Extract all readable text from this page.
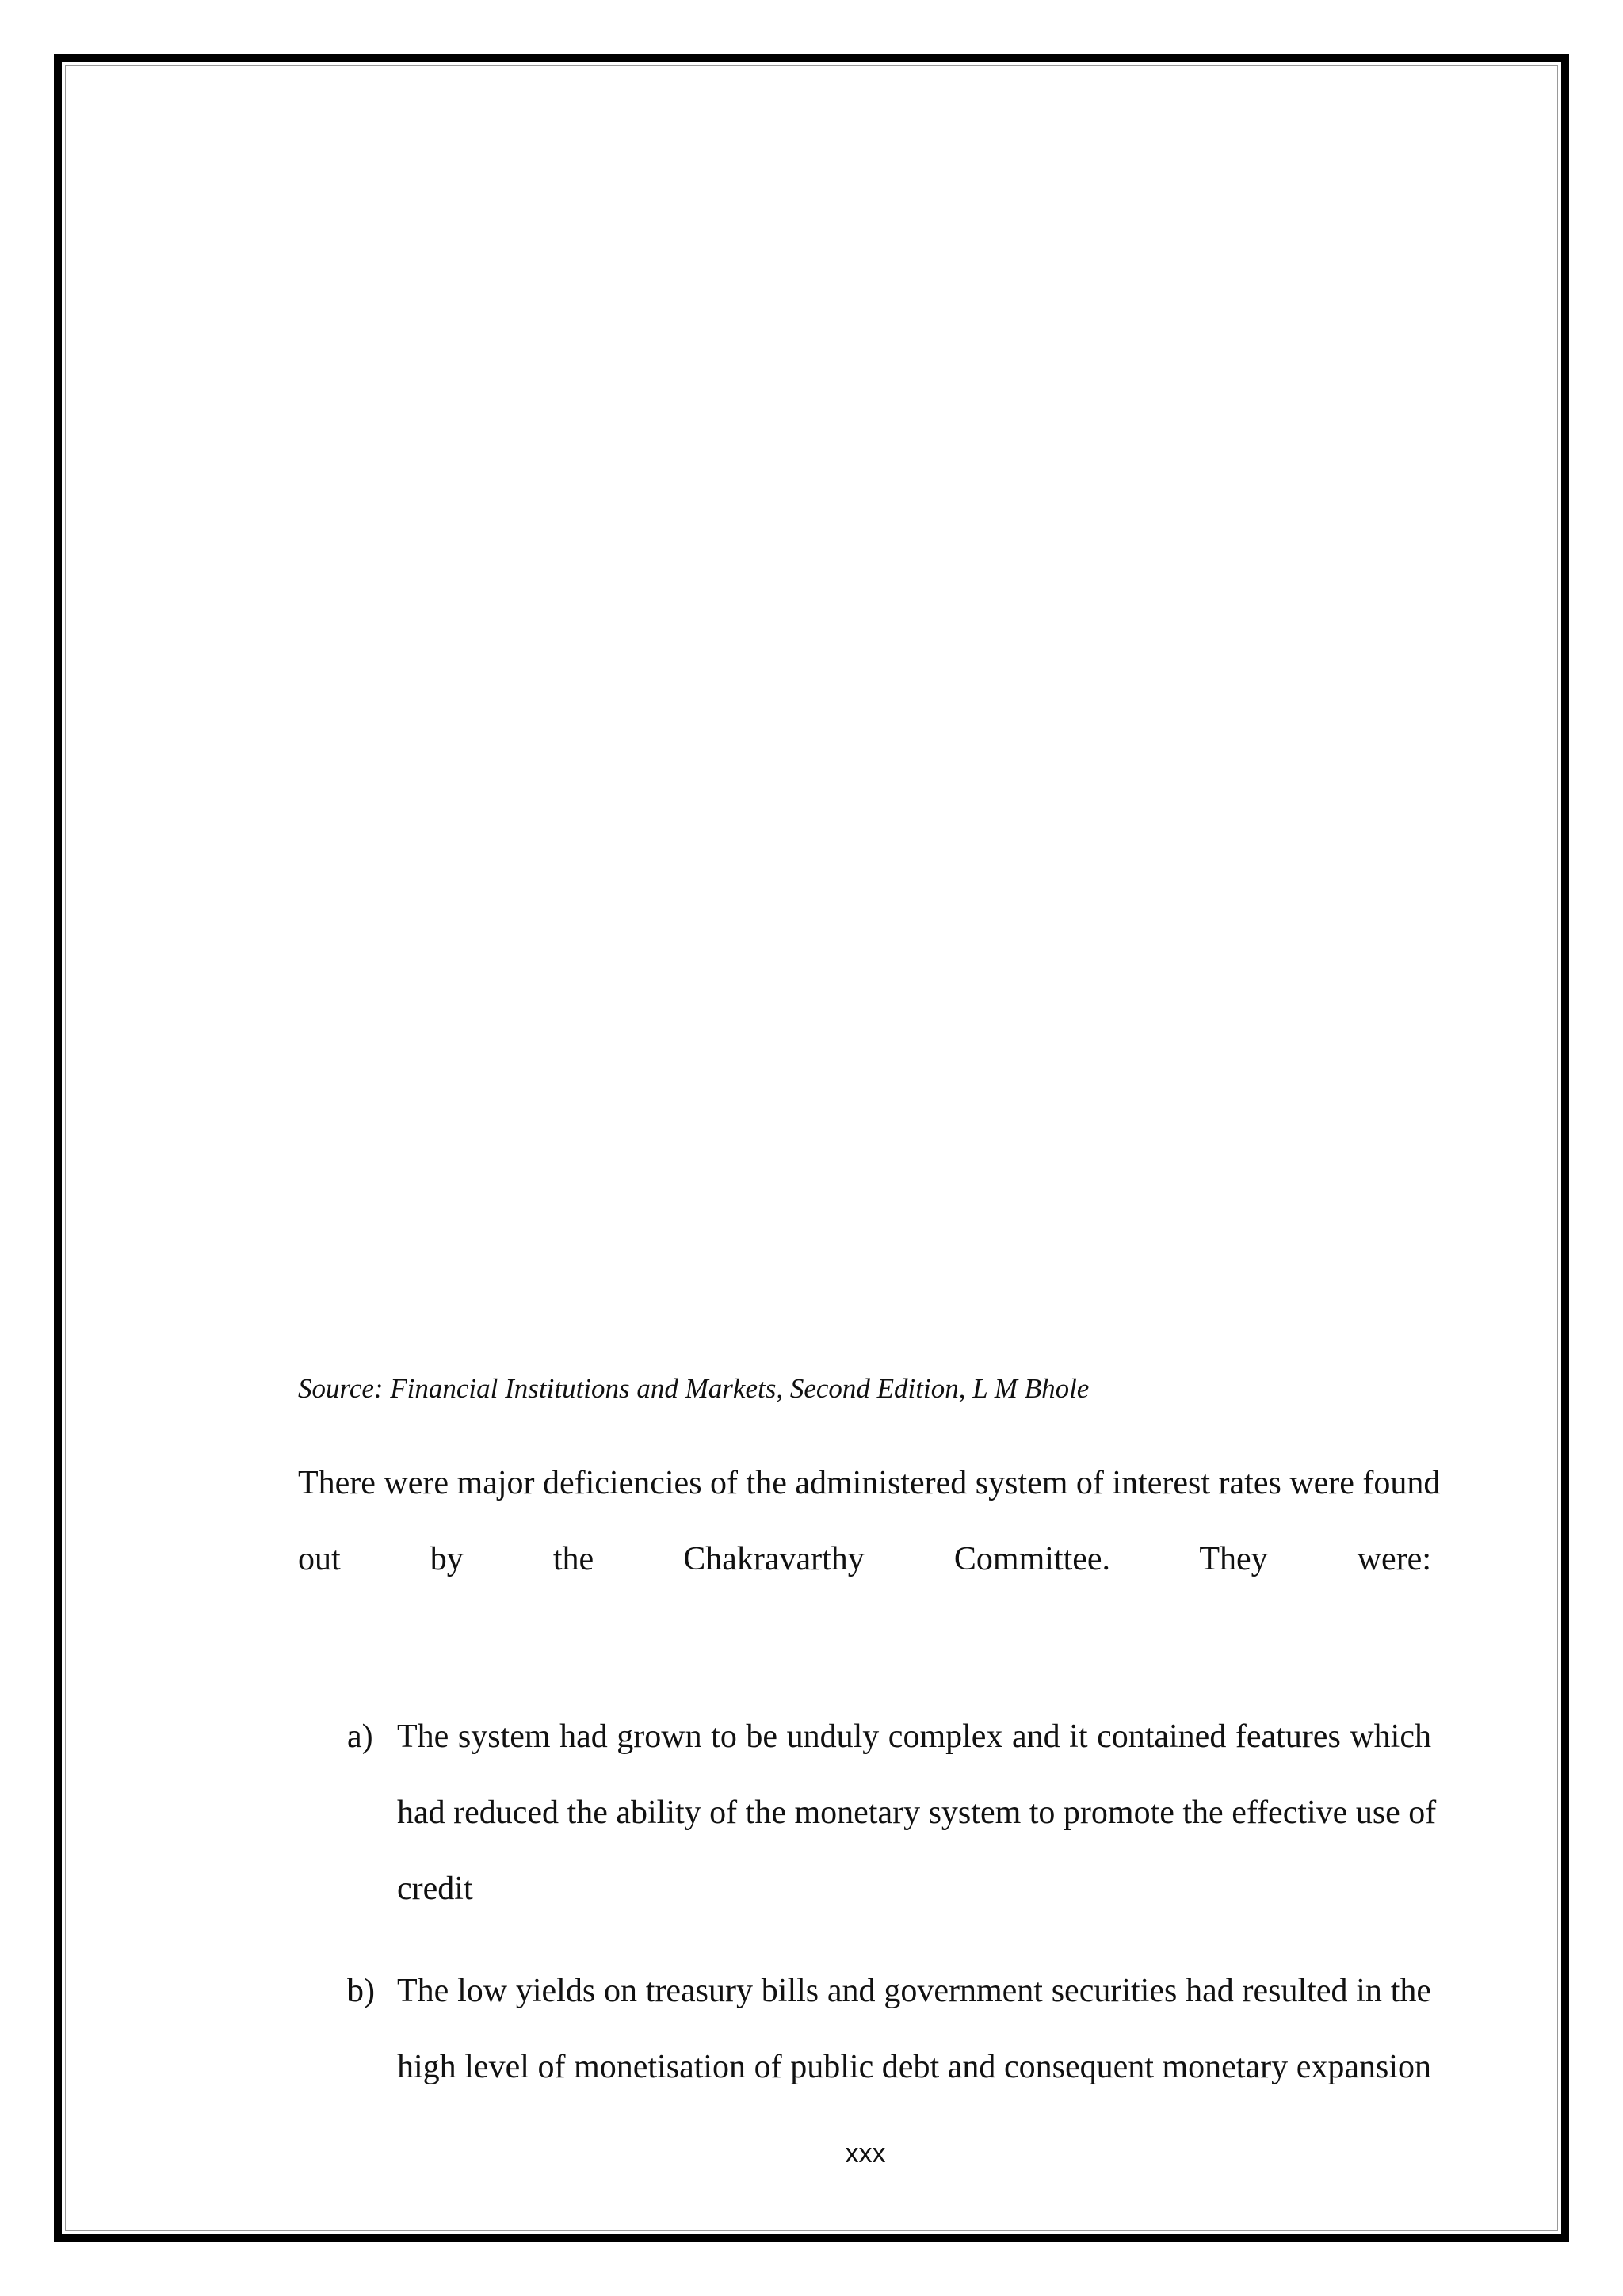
Source: Financial Institutions and Markets, Second Edition, L M Bhole
There were major deficiencies of the administered system of interest rates were found
out by the Chakravarthy Committee. They were:
a) The system had grown to be unduly complex and it contained features which
had reduced the ability of the monetary system to promote the effective use of
credit
b) The low yields on treasury bills and government securities had resulted in the
high level of monetisation of public debt and consequent monetary expansion
xxx
